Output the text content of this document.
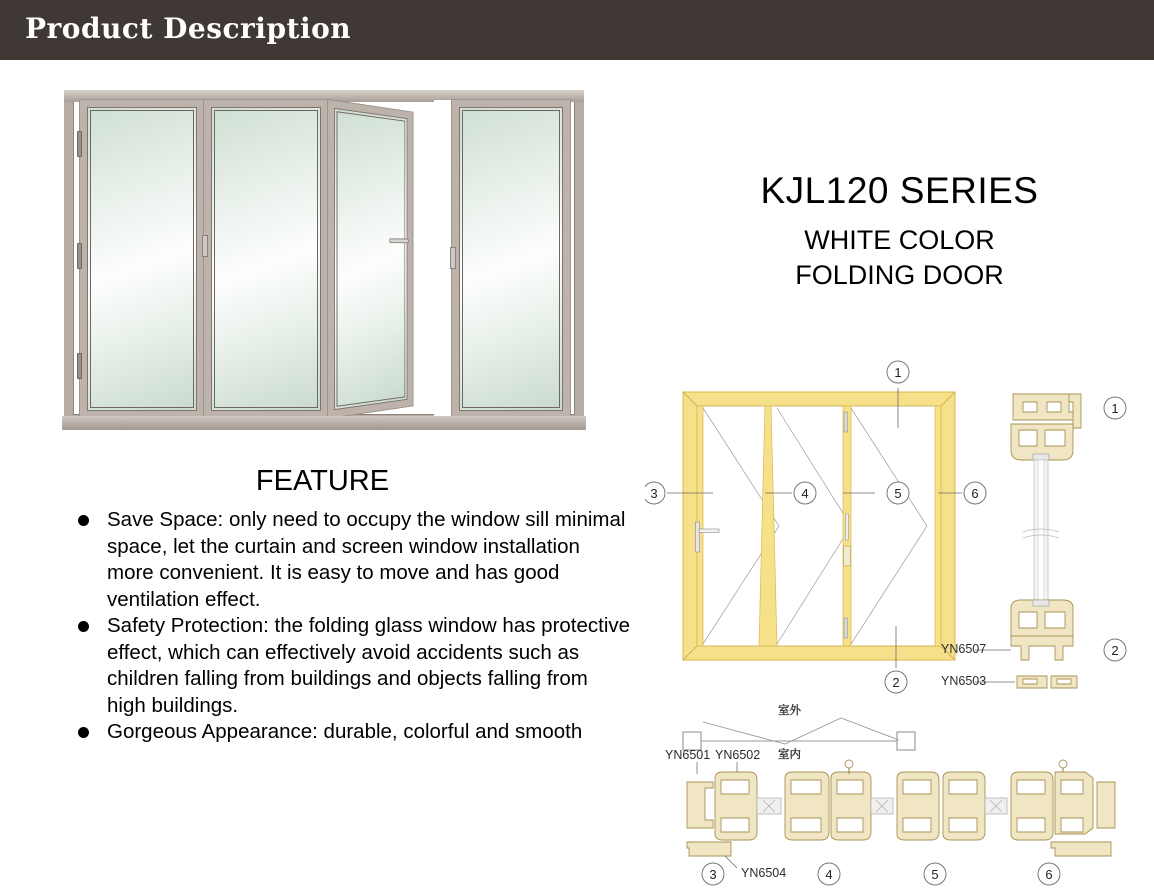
Product Description
FEATURE
Save Space: only need to occupy the window sill minimal space, let the curtain and screen window installation more convenient. It is easy to move and has good ventilation effect.
Safety Protection: the folding glass window has protective effect, which can effectively avoid accidents such as children falling from buildings and objects falling from high buildings.
Gorgeous Appearance: durable, colorful and smooth
KJL120 SERIES
WHITE COLOR
FOLDING DOOR
1
2
3	4	5	6
1
2
3	4	5	6
YN6507
YN6503
室外
室内
YN6501 YN6502
YN6504
